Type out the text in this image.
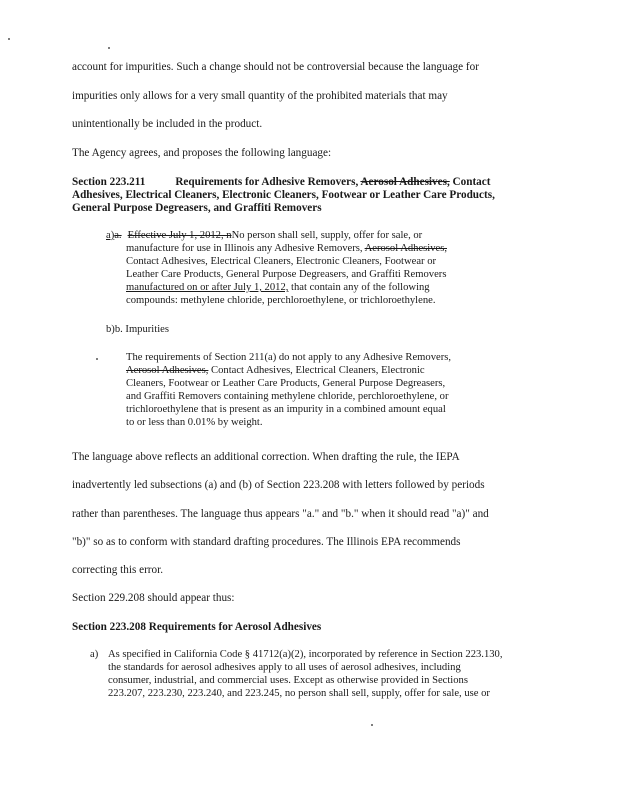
account for impurities. Such a change should not be controversial because the language for
impurities only allows for a very small quantity of the prohibited materials that may
unintentionally be included in the product.
The Agency agrees, and proposes the following language:
Section 223.211	Requirements for Adhesive Removers, Aerosol Adhesives, Contact
Adhesives, Electrical Cleaners, Electronic Cleaners, Footwear or Leather Care Products,
General Purpose Degreasers, and Graffiti Removers
a)a. Effective July 1, 2012, nNo person shall sell, supply, offer for sale, or
manufacture for use in Illinois any Adhesive Removers, Aerosol Adhesives,
Contact Adhesives, Electrical Cleaners, Electronic Cleaners, Footwear or
Leather Care Products, General Purpose Degreasers, and Graffiti Removers
manufactured on or after July 1, 2012, that contain any of the following
compounds: methylene chloride, perchloroethylene, or trichloroethylene.
b)b. Impurities
The requirements of Section 211(a) do not apply to any Adhesive Removers,
Aerosol Adhesives, Contact Adhesives, Electrical Cleaners, Electronic
Cleaners, Footwear or Leather Care Products, General Purpose Degreasers,
and Graffiti Removers containing methylene chloride, perchloroethylene, or
trichloroethylene that is present as an impurity in a combined amount equal
to or less than 0.01% by weight.
The language above reflects an additional correction. When drafting the rule, the IEPA
inadvertently led subsections (a) and (b) of Section 223.208 with letters followed by periods
rather than parentheses. The language thus appears "a." and "b." when it should read "a)" and
"b)" so as to conform with standard drafting procedures. The Illinois EPA recommends
correcting this error.
Section 229.208 should appear thus:
Section 223.208 Requirements for Aerosol Adhesives
a) As specified in California Code § 41712(a)(2), incorporated by reference in Section 223.130,
the standards for aerosol adhesives apply to all uses of aerosol adhesives, including
consumer, industrial, and commercial uses. Except as otherwise provided in Sections
223.207, 223.230, 223.240, and 223.245, no person shall sell, supply, offer for sale, use or
